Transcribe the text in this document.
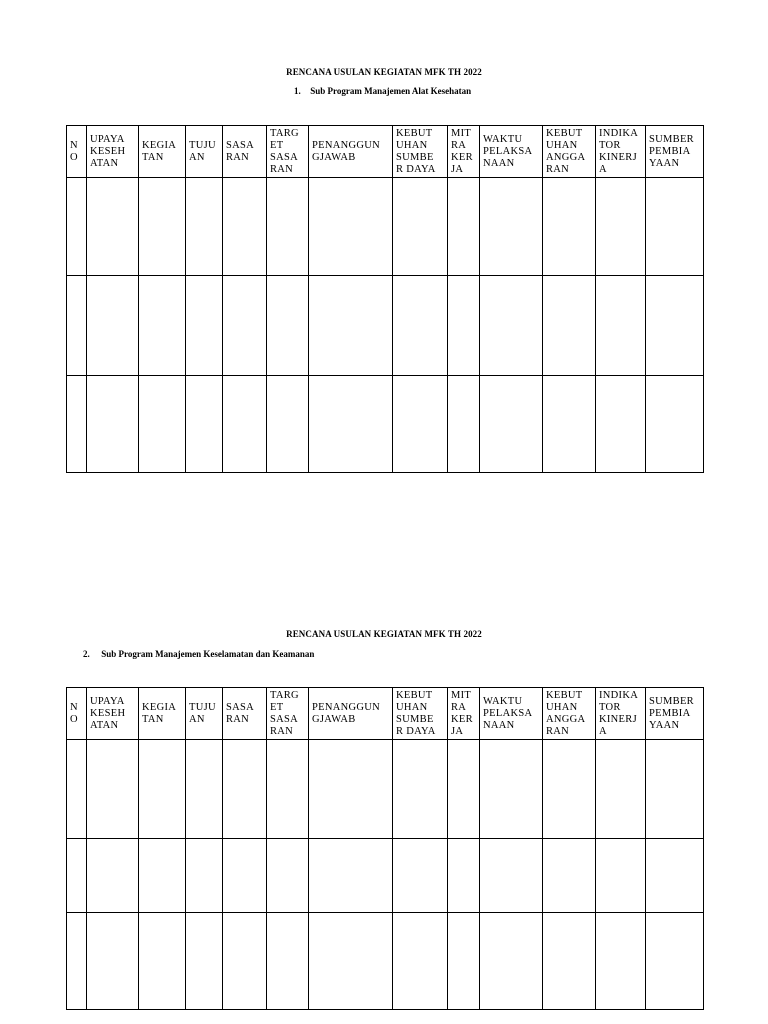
RENCANA USULAN KEGIATAN MFK TH 2022
1. Sub Program Manajemen Alat Kesehatan
N
O	UPAYA
KESEH
ATAN	KEGIA
TAN	TUJU
AN	SASA
RAN	TARG
ET
SASA
RAN	PENANGGUN
GJAWAB	KEBUT
UHAN
SUMBE
R DAYA	MIT
RA
KER
JA	WAKTU
PELAKSA
NAAN	KEBUT
UHAN
ANGGA
RAN	INDIKA
TOR
KINERJ
A	SUMBER
PEMBIA
YAAN

RENCANA USULAN KEGIATAN MFK TH 2022
2. Sub Program Manajemen Keselamatan dan Keamanan
N
O	UPAYA
KESEH
ATAN	KEGIA
TAN	TUJU
AN	SASA
RAN	TARG
ET
SASA
RAN	PENANGGUN
GJAWAB	KEBUT
UHAN
SUMBE
R DAYA	MIT
RA
KER
JA	WAKTU
PELAKSA
NAAN	KEBUT
UHAN
ANGGA
RAN	INDIKA
TOR
KINERJ
A	SUMBER
PEMBIA
YAAN
